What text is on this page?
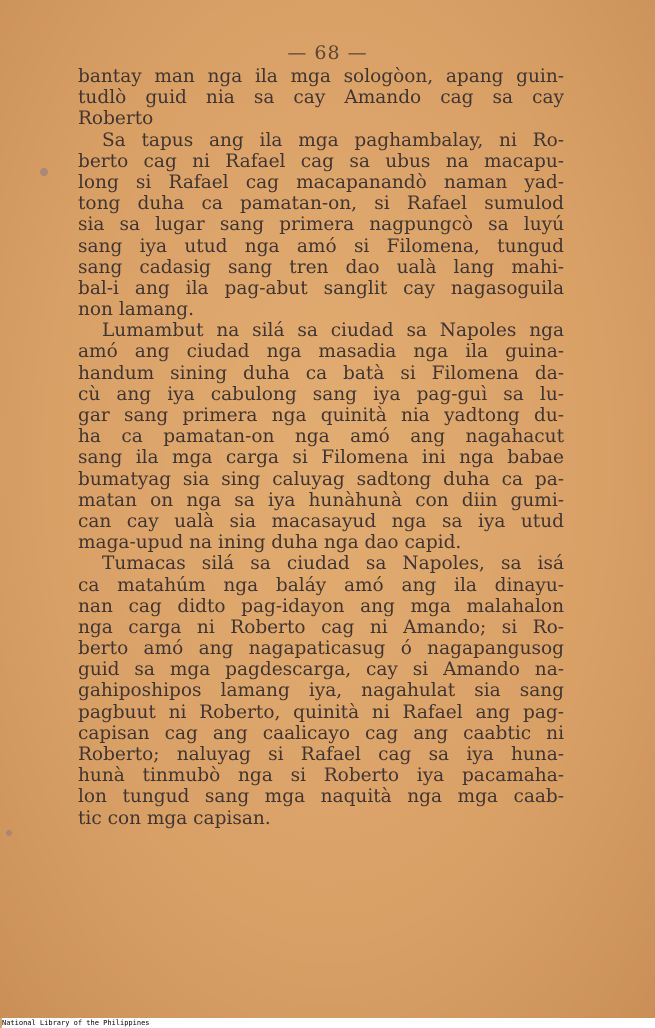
— 68 —
bantay man nga ila mga sologòon, apang guin-
tudlò guid nia sa cay Amando cag sa cay
Roberto
Sa tapus ang ila mga paghambalay, ni Ro-
berto cag ni Rafael cag sa ubus na macapu-
long si Rafael cag macapanandò naman yad-
tong duha ca pamatan-on, si Rafael sumulod
sia sa lugar sang primera nagpungcò sa luyú
sang iya utud nga amó si Filomena, tungud
sang cadasig sang tren dao ualà lang mahi-
bal-i ang ila pag-abut sanglit cay nagasoguila
non lamang.
Lumambut na silá sa ciudad sa Napoles nga
amó ang ciudad nga masadia nga ila guina-
handum sining duha ca batà si Filomena da-
cù ang iya cabulong sang iya pag-guì sa lu-
gar sang primera nga quinità nia yadtong du-
ha ca pamatan-on nga amó ang nagahacut
sang ila mga carga si Filomena ini nga babae
bumatyag sia sing caluyag sadtong duha ca pa-
matan on nga sa iya hunàhunà con diin gumi-
can cay ualà sia macasayud nga sa iya utud
maga-upud na ining duha nga dao capid.
Tumacas silá sa ciudad sa Napoles, sa isá
ca matahúm nga baláy amó ang ila dinayu-
nan cag didto pag-idayon ang mga malahalon
nga carga ni Roberto cag ni Amando; si Ro-
berto amó ang nagapaticasug ó nagapangusog
guid sa mga pagdescarga, cay si Amando na-
gahiposhipos lamang iya, nagahulat sia sang
pagbuut ni Roberto, quinità ni Rafael ang pag-
capisan cag ang caalicayo cag ang caabtic ni
Roberto; naluyag si Rafael cag sa iya huna-
hunà tinmubò nga si Roberto iya pacamaha-
lon tungud sang mga naquità nga mga caab-
tic con mga capisan.
National Library of the Philippines
